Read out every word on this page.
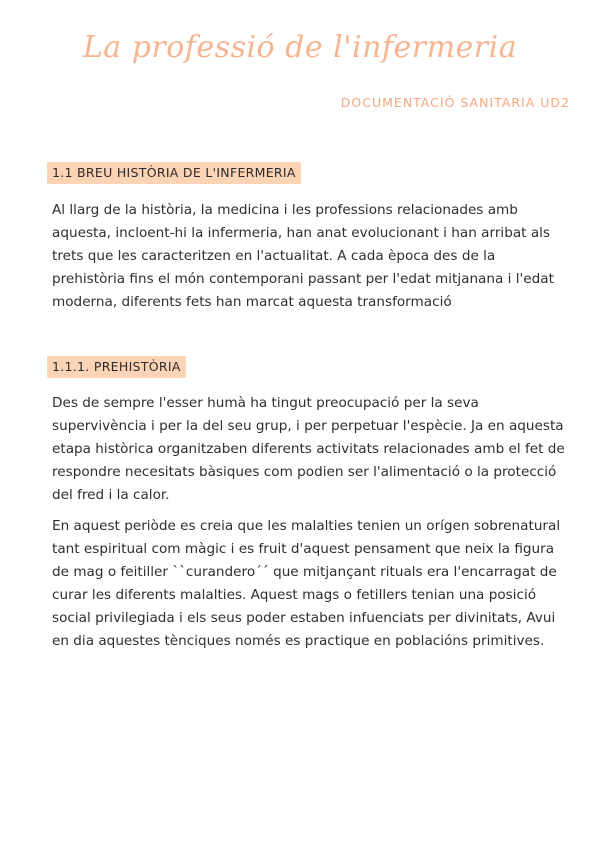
La professió de l'infermeria
DOCUMENTACIÓ SANITARIA UD2
1.1 BREU HISTÒRIA DE L'INFERMERIA
Al llarg de la història, la medicina i les professions relacionades amb aquesta, incloent-hi la infermeria, han anat evolucionant i han arribat als trets que les caracteritzen en l'actualitat. A cada època des de la prehistòria fins el món contemporani passant per l'edat mitjanana i l'edat moderna, diferents fets han marcat aquesta transformació
1.1.1. PREHISTÒRIA
Des de sempre l'esser humà ha tingut preocupació per la seva supervivència i per la del seu grup, i per perpetuar l'espècie. Ja en aquesta etapa històrica organitzaben diferents activitats relacionades amb el fet de respondre necesitats bàsiques com podien ser l'alimentació o la protecció del fred i la calor.
En aquest periòde es creia que les malalties tenien un orígen sobrenatural tant espiritual com màgic i es fruit d'aquest pensament que neix la figura de mag o feitiller ``curandero´´ que mitjançant rituals era l'encarragat de curar les diferents malalties. Aquest mags o fetillers tenian una posició social privilegiada i els seus poder estaben infuenciats per divinitats, Avui en dia aquestes tènciques només es practique en poblacións primitives.
